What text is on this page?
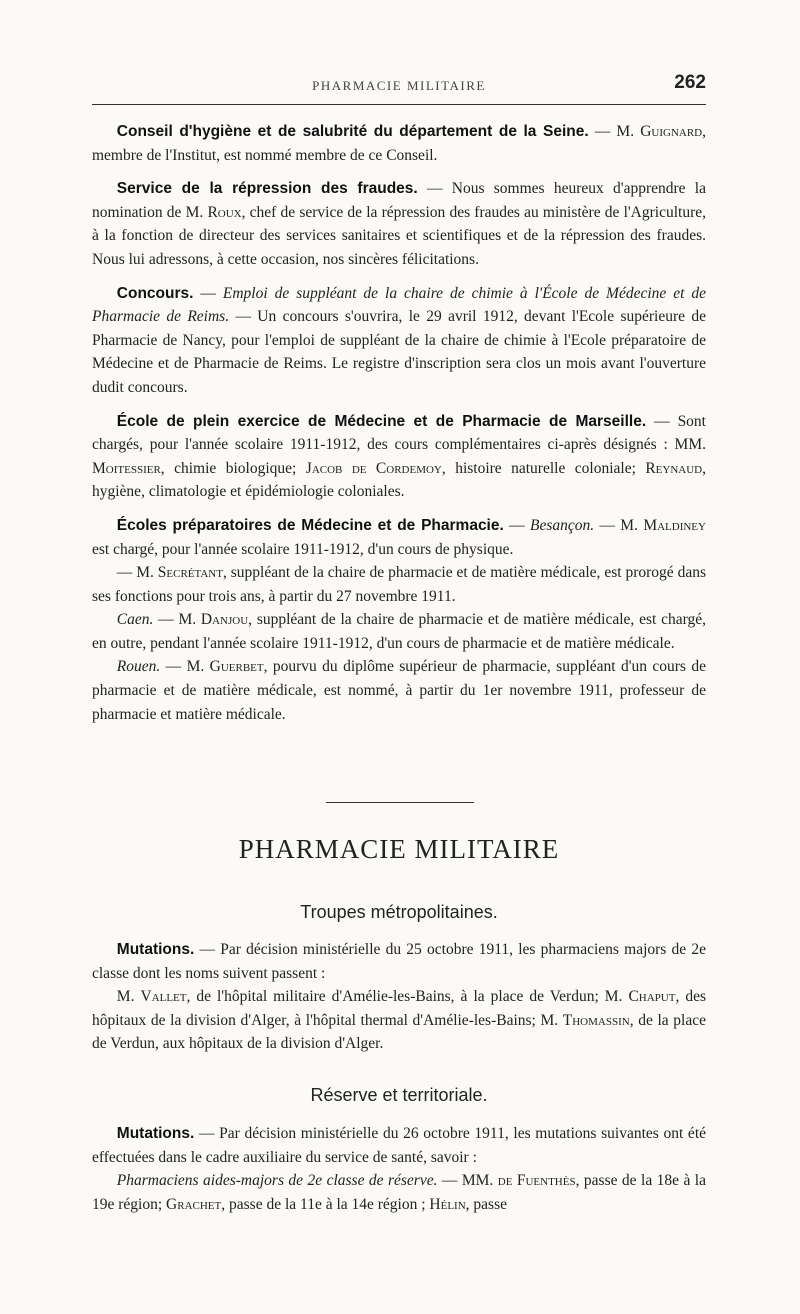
PHARMACIE MILITAIRE	262

Conseil d'hygiène et de salubrité du département de la Seine. — M. Guignard, membre de l'Institut, est nommé membre de ce Conseil.

Service de la répression des fraudes. — Nous sommes heureux d'apprendre la nomination de M. Roux, chef de service de la répression des fraudes au ministère de l'Agriculture, à la fonction de directeur des services sanitaires et scientifiques et de la répression des fraudes. Nous lui adressons, à cette occasion, nos sincères félicitations.

Concours. — Emploi de suppléant de la chaire de chimie à l'École de Médecine et de Pharmacie de Reims. — Un concours s'ouvrira, le 29 avril 1912, devant l'Ecole supérieure de Pharmacie de Nancy, pour l'emploi de suppléant de la chaire de chimie à l'Ecole préparatoire de Médecine et de Pharmacie de Reims. Le registre d'inscription sera clos un mois avant l'ouverture dudit concours.

École de plein exercice de Médecine et de Pharmacie de Marseille. — Sont chargés, pour l'année scolaire 1911-1912, des cours complémentaires ci-après désignés : MM. Moitessier, chimie biologique; Jacob de Cordemoy, histoire naturelle coloniale; Reynaud, hygiène, climatologie et épidémiologie coloniales.

Écoles préparatoires de Médecine et de Pharmacie. — Besançon. — M. Maldiney est chargé, pour l'année scolaire 1911-1912, d'un cours de physique.

— M. Secrétant, suppléant de la chaire de pharmacie et de matière médicale, est prorogé dans ses fonctions pour trois ans, à partir du 27 novembre 1911.

Caen. — M. Danjou, suppléant de la chaire de pharmacie et de matière médicale, est chargé, en outre, pendant l'année scolaire 1911-1912, d'un cours de pharmacie et de matière médicale.

Rouen. — M. Guerbet, pourvu du diplôme supérieur de pharmacie, suppléant d'un cours de pharmacie et de matière médicale, est nommé, à partir du 1er novembre 1911, professeur de pharmacie et matière médicale.

PHARMACIE MILITAIRE
Troupes métropolitaines.

Mutations. — Par décision ministérielle du 25 octobre 1911, les pharmaciens majors de 2e classe dont les noms suivent passent :

M. Vallet, de l'hôpital militaire d'Amélie-les-Bains, à la place de Verdun; M. Chaput, des hôpitaux de la division d'Alger, à l'hôpital thermal d'Amélie-les-Bains; M. Thomassin, de la place de Verdun, aux hôpitaux de la division d'Alger.

Réserve et territoriale.

Mutations. — Par décision ministérielle du 26 octobre 1911, les mutations suivantes ont été effectuées dans le cadre auxiliaire du service de santé, savoir :

Pharmaciens aides-majors de 2e classe de réserve. — MM. de Fuenthès, passe de la 18e à la 19e région; Grachet, passe de la 11e à la 14e région ; Hélin, passe
